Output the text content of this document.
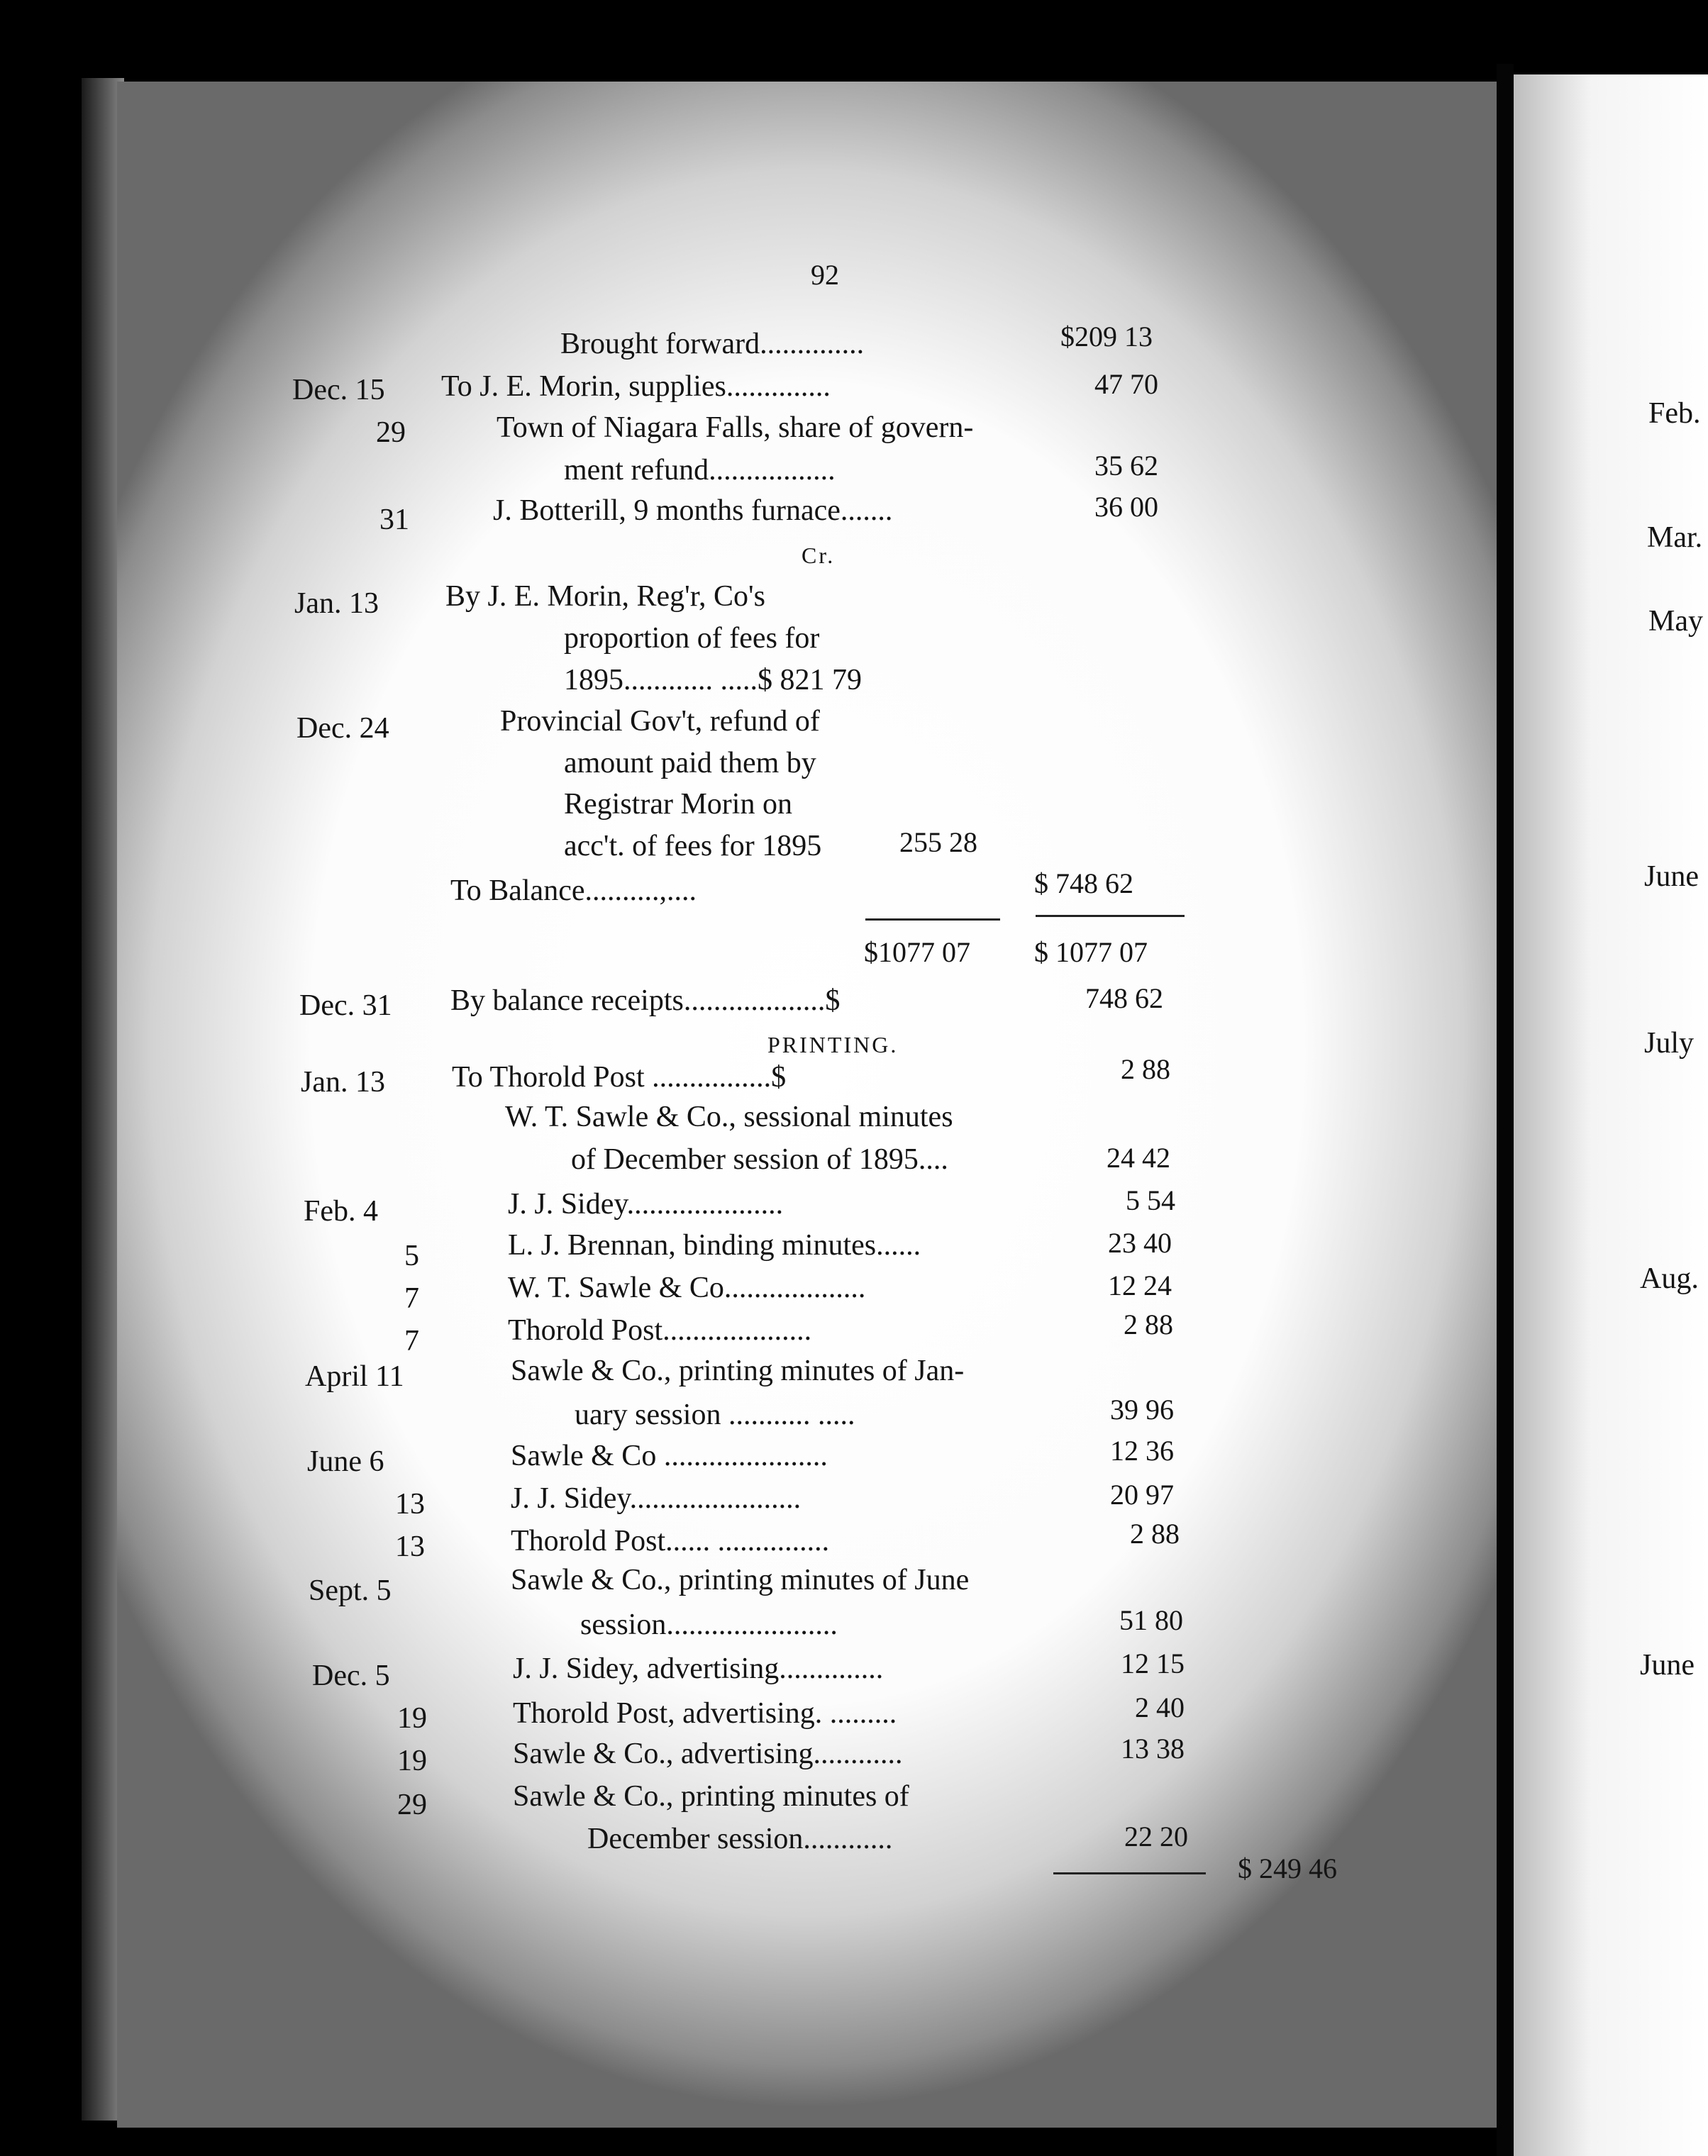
92
Brought forward..............	$209 13
Dec. 15 To J. E. Morin, supplies..............	47 70
29	Town of Niagara Falls, share of govern-
ment refund.................	35 62
31	J. Botterill, 9 months furnace.......	36 00
Cr.
Jan. 13 By J. E. Morin, Reg'r, Co's
proportion of fees for
1895............ .....$ 821 79
Dec. 24	Provincial Gov't, refund of
amount paid them by
Registrar Morin on
acc't. of fees for 1895	255 28
To Balance..........,....	$ 748 62
$1077 07 $ 1077 07
Dec. 31 By balance receipts...................$	748 62
PRINTING.
Jan. 13 To Thorold Post ................$	2 88
W. T. Sawle & Co., sessional minutes
of December session of 1895....	24 42
Feb. 4	J. J. Sidey.....................	5 54
5	L. J. Brennan, binding minutes......	23 40
7	W. T. Sawle & Co...................	12 24
7	Thorold Post....................	2 88
April 11	Sawle & Co., printing minutes of Jan-
uary session ........... .....	39 96
June 6	Sawle & Co ......................	12 36
13	J. J. Sidey.......................	20 97
13	Thorold Post...... ...............	2 88
Sept. 5	Sawle & Co., printing minutes of June
session.......................	51 80
Dec. 5	J. J. Sidey, advertising..............	12 15
19	Thorold Post, advertising. .........	2 40
19	Sawle & Co., advertising............	13 38
29	Sawle & Co., printing minutes of
December session............	22 20
$ 249 46
Feb.
Mar.
May
June
July
Aug.
June
